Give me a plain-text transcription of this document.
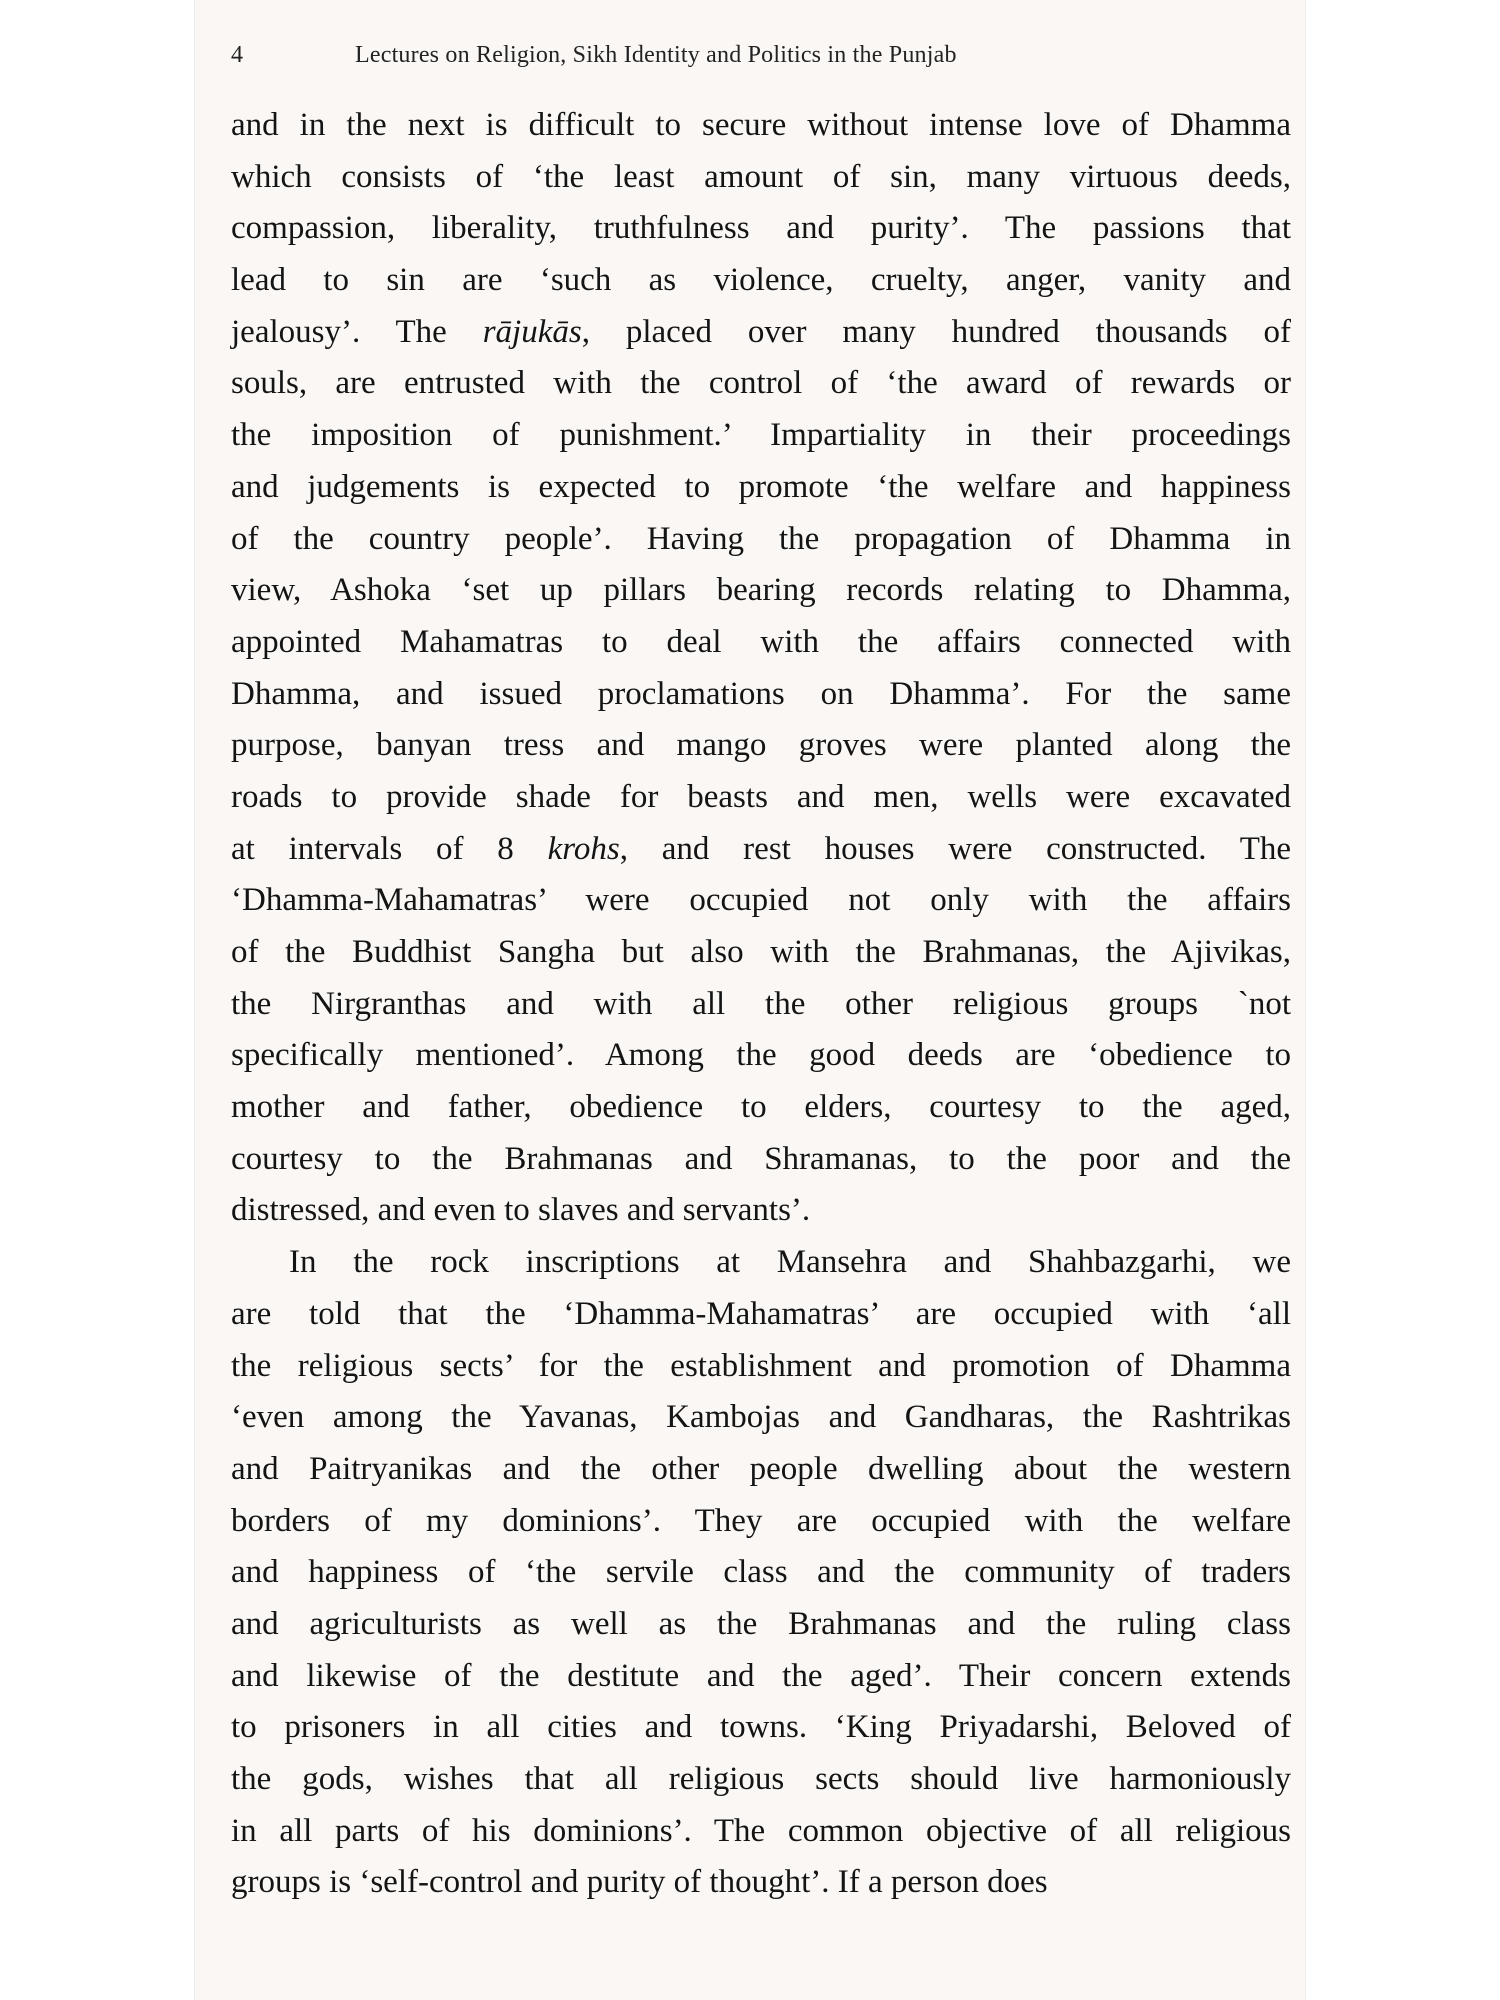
4	Lectures on Religion, Sikh Identity and Politics in the Punjab
and in the next is difficult to secure without intense love of Dhamma
which consists of ‘the least amount of sin, many virtuous deeds,
compassion, liberality, truthfulness and purity’. The passions that
lead to sin are ‘such as violence, cruelty, anger, vanity and
jealousy’. The rājukās, placed over many hundred thousands of
souls, are entrusted with the control of ‘the award of rewards or
the imposition of punishment.’ Impartiality in their proceedings
and judgements is expected to promote ‘the welfare and happiness
of the country people’. Having the propagation of Dhamma in
view, Ashoka ‘set up pillars bearing records relating to Dhamma,
appointed Mahamatras to deal with the affairs connected with
Dhamma, and issued proclamations on Dhamma’. For the same
purpose, banyan tress and mango groves were planted along the
roads to provide shade for beasts and men, wells were excavated
at intervals of 8 krohs, and rest houses were constructed. The
‘Dhamma-Mahamatras’ were occupied not only with the affairs
of the Buddhist Sangha but also with the Brahmanas, the Ajivikas,
the Nirgranthas and with all the other religious groups `not
specifically mentioned’. Among the good deeds are ‘obedience to
mother and father, obedience to elders, courtesy to the aged,
courtesy to the Brahmanas and Shramanas, to the poor and the
distressed, and even to slaves and servants’.
In the rock inscriptions at Mansehra and Shahbazgarhi, we
are told that the ‘Dhamma-Mahamatras’ are occupied with ‘all
the religious sects’ for the establishment and promotion of Dhamma
‘even among the Yavanas, Kambojas and Gandharas, the Rashtrikas
and Paitryanikas and the other people dwelling about the western
borders of my dominions’. They are occupied with the welfare
and happiness of ‘the servile class and the community of traders
and agriculturists as well as the Brahmanas and the ruling class
and likewise of the destitute and the aged’. Their concern extends
to prisoners in all cities and towns. ‘King Priyadarshi, Beloved of
the gods, wishes that all religious sects should live harmoniously
in all parts of his dominions’. The common objective of all religious
groups is ‘self-control and purity of thought’. If a person does
